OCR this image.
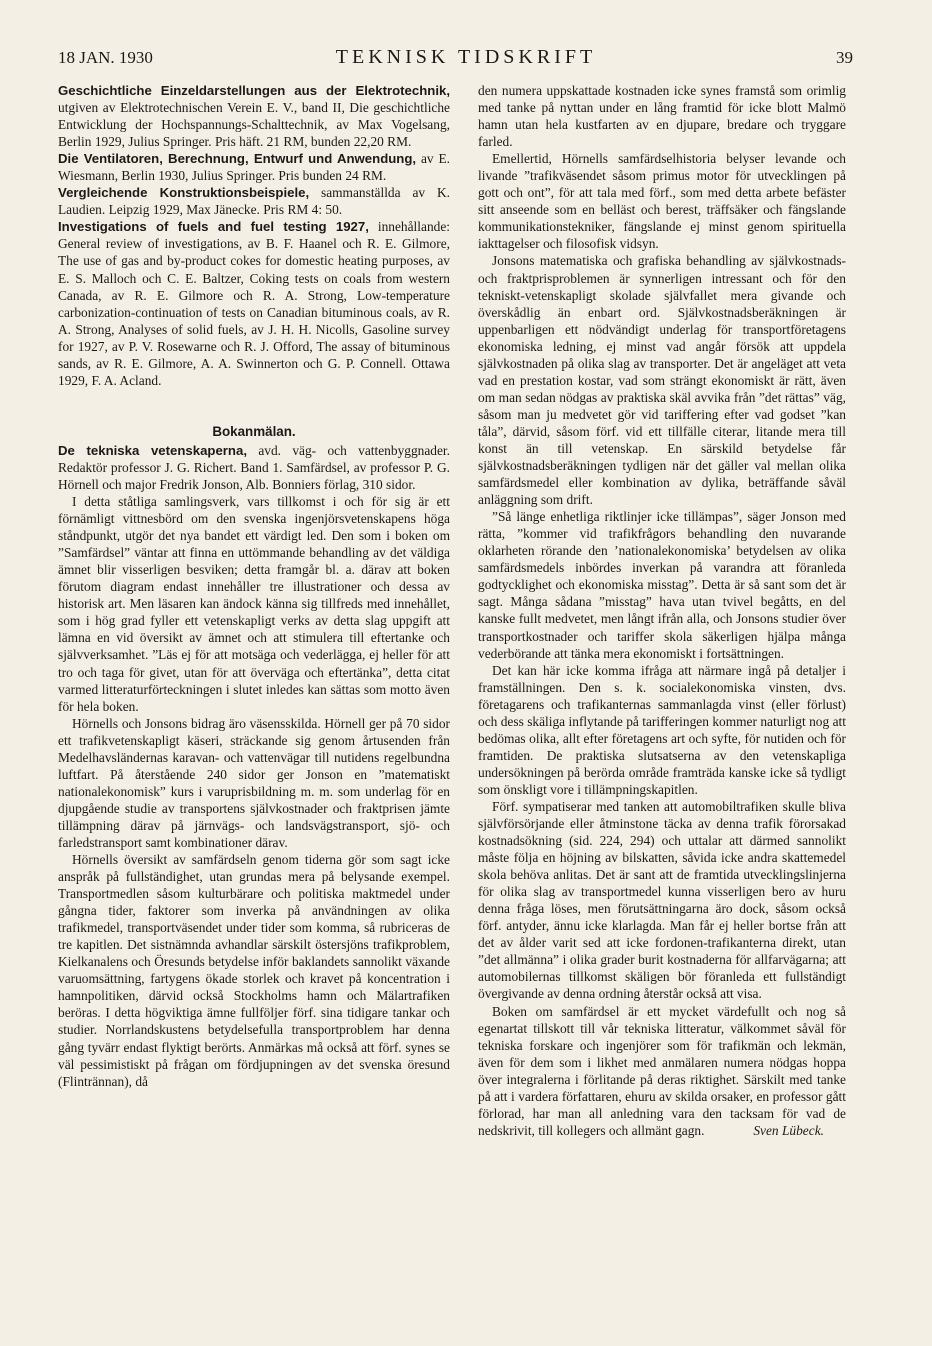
18 JAN. 1930	TEKNISK TIDSKRIFT	39

Geschichtliche Einzeldarstellungen aus der Elektrotechnik, utgiven av Elektrotechnischen Verein E. V., band II, Die geschichtliche Entwicklung der Hochspannungs-Schalttechnik, av Max Vogelsang, Berlin 1929, Julius Springer. Pris häft. 21 RM, bunden 22,20 RM.

Die Ventilatoren, Berechnung, Entwurf und Anwendung, av E. Wiesmann, Berlin 1930, Julius Springer. Pris bunden 24 RM.

Vergleichende Konstruktionsbeispiele, sammanställda av K. Laudien. Leipzig 1929, Max Jänecke. Pris RM 4: 50.

Investigations of fuels and fuel testing 1927, innehållande: General review of investigations, av B. F. Haanel och R. E. Gilmore, The use of gas and by-product cokes for domestic heating purposes, av E. S. Malloch och C. E. Baltzer, Coking tests on coals from western Canada, av R. E. Gilmore och R. A. Strong, Low-temperature carbonization-continuation of tests on Canadian bituminous coals, av R. A. Strong, Analyses of solid fuels, av J. H. H. Nicolls, Gasoline survey for 1927, av P. V. Rosewarne och R. J. Offord, The assay of bituminous sands, av R. E. Gilmore, A. A. Swinnerton och G. P. Connell. Ottawa 1929, F. A. Acland.

Bokanmälan.

De tekniska vetenskaperna, avd. väg- och vattenbyggnader. Redaktör professor J. G. Richert. Band 1. Samfärdsel, av professor P. G. Hörnell och major Fredrik Jonson, Alb. Bonniers förlag, 310 sidor.

I detta ståtliga samlingsverk, vars tillkomst i och för sig är ett förnämligt vittnesbörd om den svenska ingenjörsvetenskapens höga ståndpunkt, utgör det nya bandet ett värdigt led. Den som i boken om ”Samfärdsel” väntar att finna en uttömmande behandling av det väldiga ämnet blir visserligen besviken; detta framgår bl. a. därav att boken förutom diagram endast innehåller tre illustrationer och dessa av historisk art. Men läsaren kan ändock känna sig tillfreds med innehållet, som i hög grad fyller ett vetenskapligt verks av detta slag uppgift att lämna en vid översikt av ämnet och att stimulera till eftertanke och självverksamhet. ”Läs ej för att motsäga och vederlägga, ej heller för att tro och taga för givet, utan för att överväga och eftertänka”, detta citat varmed litteraturförteckningen i slutet inledes kan sättas som motto även för hela boken.

Hörnells och Jonsons bidrag äro väsensskilda. Hörnell ger på 70 sidor ett trafikvetenskapligt käseri, sträckande sig genom årtusenden från Medelhavsländernas karavan- och vattenvägar till nutidens regelbundna luftfart. På återstående 240 sidor ger Jonson en ”matematiskt nationalekonomisk” kurs i varuprisbildning m. m. som underlag för en djupgående studie av transportens självkostnader och fraktprisen jämte tillämpning därav på järnvägs- och landsvägstransport, sjö- och farledstransport samt kombinationer därav.

Hörnells översikt av samfärdseln genom tiderna gör som sagt icke anspråk på fullständighet, utan grundas mera på belysande exempel. Transportmedlen såsom kulturbärare och politiska maktmedel under gångna tider, faktorer som inverka på användningen av olika trafikmedel, transportväsendet under tider som komma, så rubriceras de tre kapitlen. Det sistnämnda avhandlar särskilt östersjöns trafikproblem, Kielkanalens och Öresunds betydelse inför baklandets sannolikt växande varuomsättning, fartygens ökade storlek och kravet på koncentration i hamnpolitiken, därvid också Stockholms hamn och Mälartrafiken beröras. I detta högviktiga ämne fullföljer förf. sina tidigare tankar och studier. Norrlandskustens betydelsefulla transportproblem har denna gång tyvärr endast flyktigt berörts. Anmärkas må också att förf. synes se väl pessimistiskt på frågan om fördjupningen av det svenska öresund (Flintrännan), då

den numera uppskattade kostnaden icke synes framstå som orimlig med tanke på nyttan under en lång framtid för icke blott Malmö hamn utan hela kustfarten av en djupare, bredare och tryggare farled.

Emellertid, Hörnells samfärdselhistoria belyser levande och livande ”trafikväsendet såsom primus motor för utvecklingen på gott och ont”, för att tala med förf., som med detta arbete befäster sitt anseende som en belläst och berest, träffsäker och fängslande kommunikationstekniker, fängslande ej minst genom spirituella iakttagelser och filosofisk vidsyn.

Jonsons matematiska och grafiska behandling av självkostnads- och fraktprisproblemen är synnerligen intressant och för den tekniskt-vetenskapligt skolade självfallet mera givande och överskådlig än enbart ord. Självkostnadsberäkningen är uppenbarligen ett nödvändigt underlag för transportföretagens ekonomiska ledning, ej minst vad angår försök att uppdela självkostnaden på olika slag av transporter. Det är angeläget att veta vad en prestation kostar, vad som strängt ekonomiskt är rätt, även om man sedan nödgas av praktiska skäl avvika från ”det rättas” väg, såsom man ju medvetet gör vid tariffering efter vad godset ”kan tåla”, därvid, såsom förf. vid ett tillfälle citerar, litande mera till konst än till vetenskap. En särskild betydelse får självkostnadsberäkningen tydligen när det gäller val mellan olika samfärdsmedel eller kombination av dylika, beträffande såväl anläggning som drift.

”Så länge enhetliga riktlinjer icke tillämpas”, säger Jonson med rätta, ”kommer vid trafikfrågors behandling den nuvarande oklarheten rörande den ’nationalekonomiska’ betydelsen av olika samfärdsmedels inbördes inverkan på varandra att föranleda godtycklighet och ekonomiska misstag”. Detta är så sant som det är sagt. Många sådana ”misstag” hava utan tvivel begåtts, en del kanske fullt medvetet, men långt ifrån alla, och Jonsons studier över transportkostnader och tariffer skola säkerligen hjälpa många vederbörande att tänka mera ekonomiskt i fortsättningen.

Det kan här icke komma ifråga att närmare ingå på detaljer i framställningen. Den s. k. socialekonomiska vinsten, dvs. företagarens och trafikanternas sammanlagda vinst (eller förlust) och dess skäliga inflytande på tarifferingen kommer naturligt nog att bedömas olika, allt efter företagens art och syfte, för nutiden och för framtiden. De praktiska slutsatserna av den vetenskapliga undersökningen på berörda område framträda kanske icke så tydligt som önskligt vore i tillämpningskapitlen.

Förf. sympatiserar med tanken att automobiltrafiken skulle bliva självförsörjande eller åtminstone täcka av denna trafik förorsakad kostnadsökning (sid. 224, 294) och uttalar att därmed sannolikt måste följa en höjning av bilskatten, såvida icke andra skattemedel skola behöva anlitas. Det är sant att de framtida utvecklingslinjerna för olika slag av transportmedel kunna visserligen bero av huru denna fråga löses, men förutsättningarna äro dock, såsom också förf. antyder, ännu icke klarlagda. Man får ej heller bortse från att det av ålder varit sed att icke fordonen-trafikanterna direkt, utan ”det allmänna” i olika grader burit kostnaderna för allfarvägarna; att automobilernas tillkomst skäligen bör föranleda ett fullständigt övergivande av denna ordning återstår också att visa.

Boken om samfärdsel är ett mycket värdefullt och nog så egenartat tillskott till vår tekniska litteratur, välkommet såväl för tekniska forskare och ingenjörer som för trafikmän och lekmän, även för dem som i likhet med anmälaren numera nödgas hoppa över integralerna i förlitande på deras riktighet. Särskilt med tanke på att i vardera författaren, ehuru av skilda orsaker, en professor gått förlorad, har man all anledning vara den tacksam för vad de nedskrivit, till kollegers och allmänt gagn.	Sven Lübeck.
